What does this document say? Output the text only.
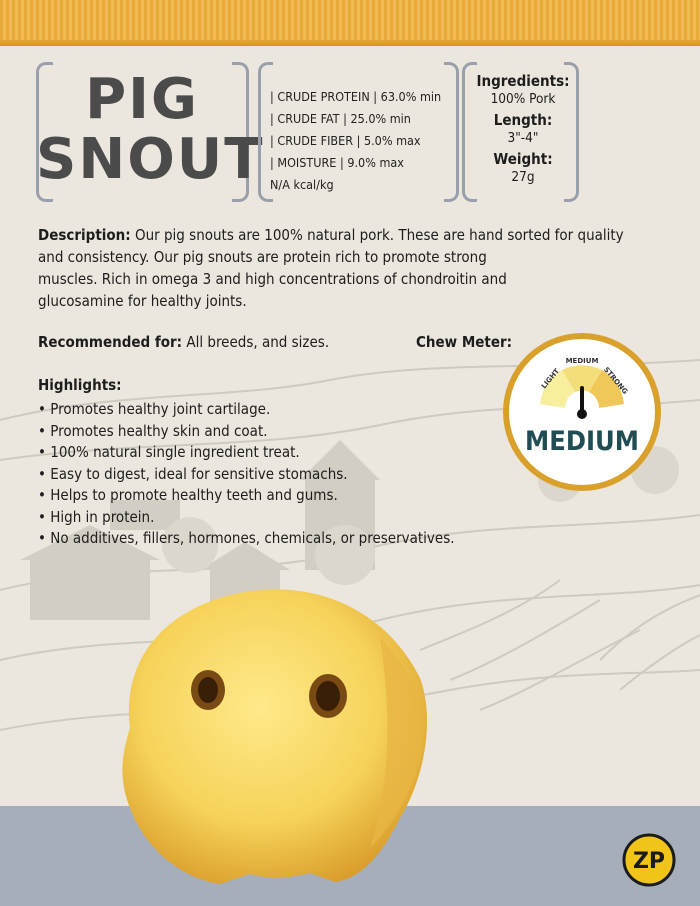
PIG
SNOUT
| CRUDE PROTEIN | 63.0% min
| CRUDE FAT | 25.0% min
| CRUDE FIBER | 5.0% max
| MOISTURE | 9.0% max
N/A kcal/kg
Ingredients:
100% Pork
Length:
3"-4"
Weight:
27g
Description: Our pig snouts are 100% natural pork. These are hand sorted for quality
and consistency. Our pig snouts are protein rich to promote strong
muscles. Rich in omega 3 and high concentrations of chondroitin and
glucosamine for healthy joints.
Recommended for: All breeds, and sizes.	Chew Meter:
Highlights:
• Promotes healthy joint cartilage.
• Promotes healthy skin and coat.
• 100% natural single ingredient treat.
• Easy to digest, ideal for sensitive stomachs.
• Helps to promote healthy teeth and gums.
• High in protein.
• No additives, fillers, hormones, chemicals, or preservatives.
LIGHT
MEDIUM
STRONG
MEDIUM
ZP
